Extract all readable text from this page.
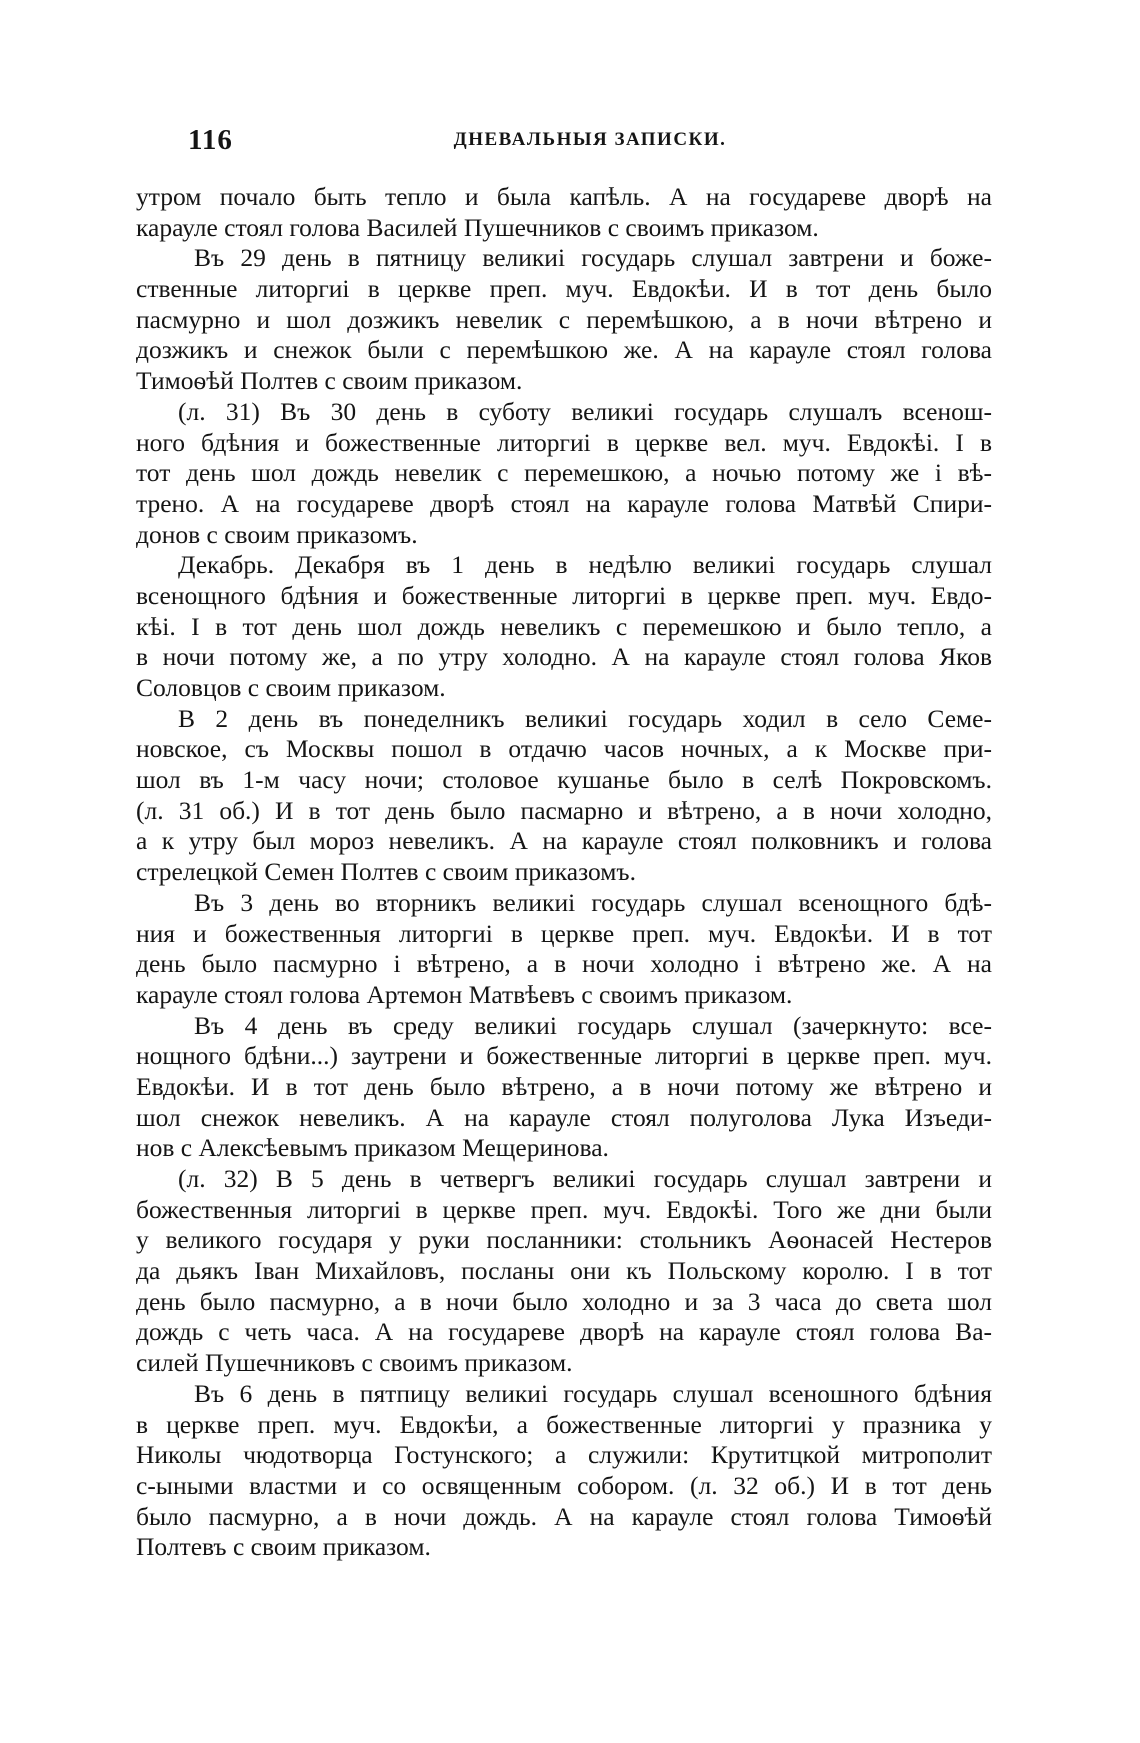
116	ДНЕВАЛЬНЫЯ ЗАПИСКИ.
утром почало быть тепло и была капѣль. А на государеве дворѣ на
карауле стоял голова Василей Пушечников с своимъ приказом.
Въ 29 день в пятницу великиі государь слушал завтрени и боже-
ственные литоргиі в церкве преп. муч. Евдокѣи. И в тот день было
пасмурно и шол дозжикъ невелик с перемѣшкою, а в ночи вѣтрено и
дозжикъ и снежок были с перемѣшкою же. А на карауле стоял голова
Тимоѳѣй Полтев с своим приказом.
(л. 31) Въ 30 день в суботу великиі государь слушалъ всенош-
ного бдѣния и божественные литоргиі в церкве вел. муч. Евдокѣі. I в
тот день шол дождь невелик с перемешкою, а ночью потому же і вѣ-
трено. А на государеве дворѣ стоял на карауле голова Матвѣй Спири-
донов с своим приказомъ.
Декабрь. Декабря въ 1 день в недѣлю великиі государь слушал
всенощного бдѣния и божественные литоргиі в церкве преп. муч. Евдо-
кѣі. I в тот день шол дождь невеликъ с перемешкою и было тепло, а
в ночи потому же, а по утру холодно. А на карауле стоял голова Яков
Соловцов с своим приказом.
В 2 день въ понеделникъ великиі государь ходил в село Семе-
новское, съ Москвы пошол в отдачю часов ночных, а к Москве при-
шол въ 1-м часу ночи; столовое кушанье было в селѣ Покровскомъ.
(л. 31 об.) И в тот день было пасмарно и вѣтрено, а в ночи холодно,
а к утру был мороз невеликъ. А на карауле стоял полковникъ и голова
стрелецкой Семен Полтев с своим приказомъ.
Въ 3 день во вторникъ великиі государь слушал всенощного бдѣ-
ния и божественныя литоргиі в церкве преп. муч. Евдокѣи. И в тот
день было пасмурно і вѣтрено, а в ночи холодно і вѣтрено же. А на
карауле стоял голова Артемон Матвѣевъ с своимъ приказом.
Въ 4 день въ среду великиі государь слушал (зачеркнуто: все-
нощного бдѣни...) заутрени и божественные литоргиі в церкве преп. муч.
Евдокѣи. И в тот день было вѣтрено, а в ночи потому же вѣтрено и
шол снежок невеликъ. А на карауле стоял полуголова Лука Изъеди-
нов с Алексѣевымъ приказом Мещеринова.
(л. 32) В 5 день в четвергъ великиі государь слушал завтрени и
божественныя литоргиі в церкве преп. муч. Евдокѣі. Того же дни были
у великого государя у руки посланники: стольникъ Аѳонасей Нестеров
да дьякъ Іван Михайловъ, посланы они къ Польскому королю. I в тот
день было пасмурно, а в ночи было холодно и за 3 часа до света шол
дождь с четь часа. А на государеве дворѣ на карауле стоял голова Ва-
силей Пушечниковъ с своимъ приказом.
Въ 6 день в пятпицу великиі государь слушал всеношного бдѣния
в церкве преп. муч. Евдокѣи, а божественные литоргиі у празника у
Николы чюдотворца Гостунского; а служили: Крутитцкой митрополит
с-ыными властми и со освященным собором. (л. 32 об.) И в тот день
было пасмурно, а в ночи дождь. А на карауле стоял голова Тимоѳѣй
Полтевъ с своим приказом.
